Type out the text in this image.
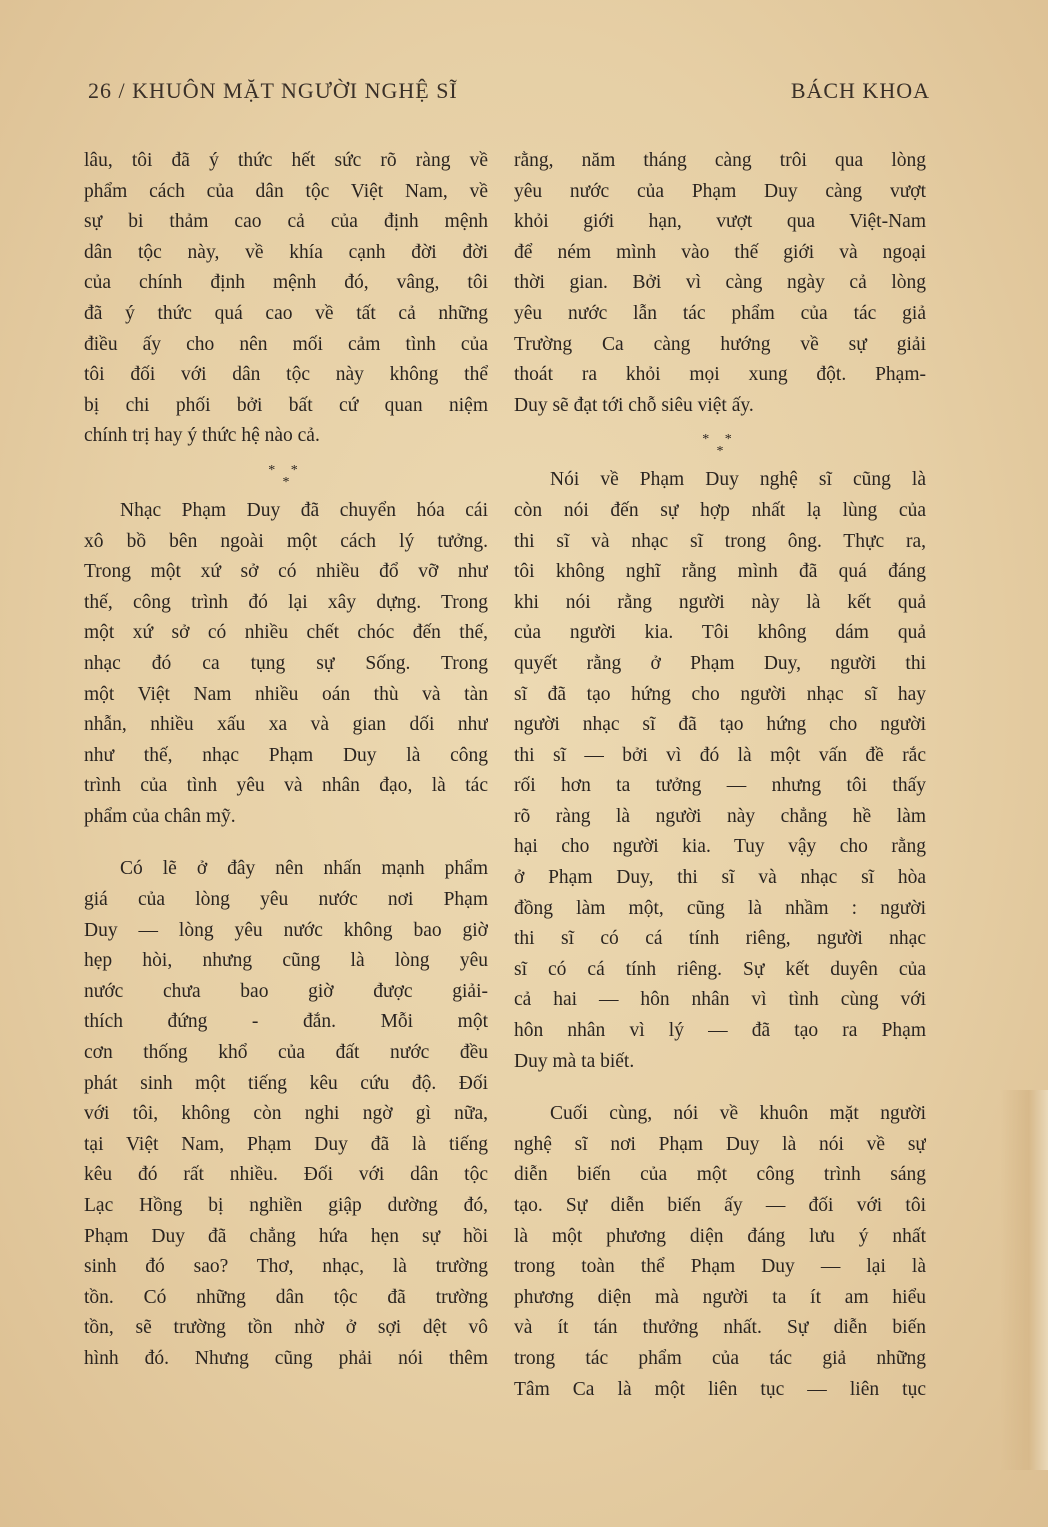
26 / KHUÔN MẶT NGƯỜI NGHỆ SĨ	BÁCH KHOA
lâu, tôi đã ý thức hết sức rõ ràng về
phẩm cách của dân tộc Việt Nam, về
sự bi thảm cao cả của định mệnh
dân tộc này, về khía cạnh đời đời
của chính định mệnh đó, vâng, tôi
đã ý thức quá cao về tất cả những
điều ấy cho nên mối cảm tình của
tôi đối với dân tộc này không thể
bị chi phối bởi bất cứ quan niệm
chính trị hay ý thức hệ nào cả.
* *
*
Nhạc Phạm Duy đã chuyển hóa cái
xô bồ bên ngoài một cách lý tưởng.
Trong một xứ sở có nhiều đổ vỡ như
thế, công trình đó lại xây dựng. Trong
một xứ sở có nhiều chết chóc đến thế,
nhạc đó ca tụng sự Sống. Trong
một Việt Nam nhiều oán thù và tàn
nhẫn, nhiều xấu xa và gian dối như
như thế, nhạc Phạm Duy là công
trình của tình yêu và nhân đạo, là tác
phẩm của chân mỹ.
Có lẽ ở đây nên nhấn mạnh phẩm
giá của lòng yêu nước nơi Phạm
Duy — lòng yêu nước không bao giờ
hẹp hòi, nhưng cũng là lòng yêu
nước chưa bao giờ được giải-
thích đứng - đắn. Mỗi một
cơn thống khổ của đất nước đều
phát sinh một tiếng kêu cứu độ. Đối
với tôi, không còn nghi ngờ gì nữa,
tại Việt Nam, Phạm Duy đã là tiếng
kêu đó rất nhiều. Đối với dân tộc
Lạc Hồng bị nghiền giập dường đó,
Phạm Duy đã chẳng hứa hẹn sự hồi
sinh đó sao? Thơ, nhạc, là trường
tồn. Có những dân tộc đã trường
tồn, sẽ trường tồn nhờ ở sợi dệt vô
hình đó. Nhưng cũng phải nói thêm
rằng, năm tháng càng trôi qua lòng
yêu nước của Phạm Duy càng vượt
khỏi giới hạn, vượt qua Việt-Nam
để ném mình vào thế giới và ngoại
thời gian. Bởi vì càng ngày cả lòng
yêu nước lẫn tác phẩm của tác giả
Trường Ca càng hướng về sự giải
thoát ra khỏi mọi xung đột. Phạm-
Duy sẽ đạt tới chỗ siêu việt ấy.
* *
*
Nói về Phạm Duy nghệ sĩ cũng là
còn nói đến sự hợp nhất lạ lùng của
thi sĩ và nhạc sĩ trong ông. Thực ra,
tôi không nghĩ rằng mình đã quá đáng
khi nói rằng người này là kết quả
của người kia. Tôi không dám quả
quyết rằng ở Phạm Duy, người thi
sĩ đã tạo hứng cho người nhạc sĩ hay
người nhạc sĩ đã tạo hứng cho người
thi sĩ — bởi vì đó là một vấn đề rắc
rối hơn ta tưởng — nhưng tôi thấy
rõ ràng là người này chẳng hề làm
hại cho người kia. Tuy vậy cho rằng
ở Phạm Duy, thi sĩ và nhạc sĩ hòa
đồng làm một, cũng là nhầm : người
thi sĩ có cá tính riêng, người nhạc
sĩ có cá tính riêng. Sự kết duyên của
cả hai — hôn nhân vì tình cùng với
hôn nhân vì lý — đã tạo ra Phạm
Duy mà ta biết.
Cuối cùng, nói về khuôn mặt người
nghệ sĩ nơi Phạm Duy là nói về sự
diễn biến của một công trình sáng
tạo. Sự diễn biến ấy — đối với tôi
là một phương diện đáng lưu ý nhất
trong toàn thể Phạm Duy — lại là
phương diện mà người ta ít am hiểu
và ít tán thưởng nhất. Sự diễn biến
trong tác phẩm của tác giả những
Tâm Ca là một liên tục — liên tục
